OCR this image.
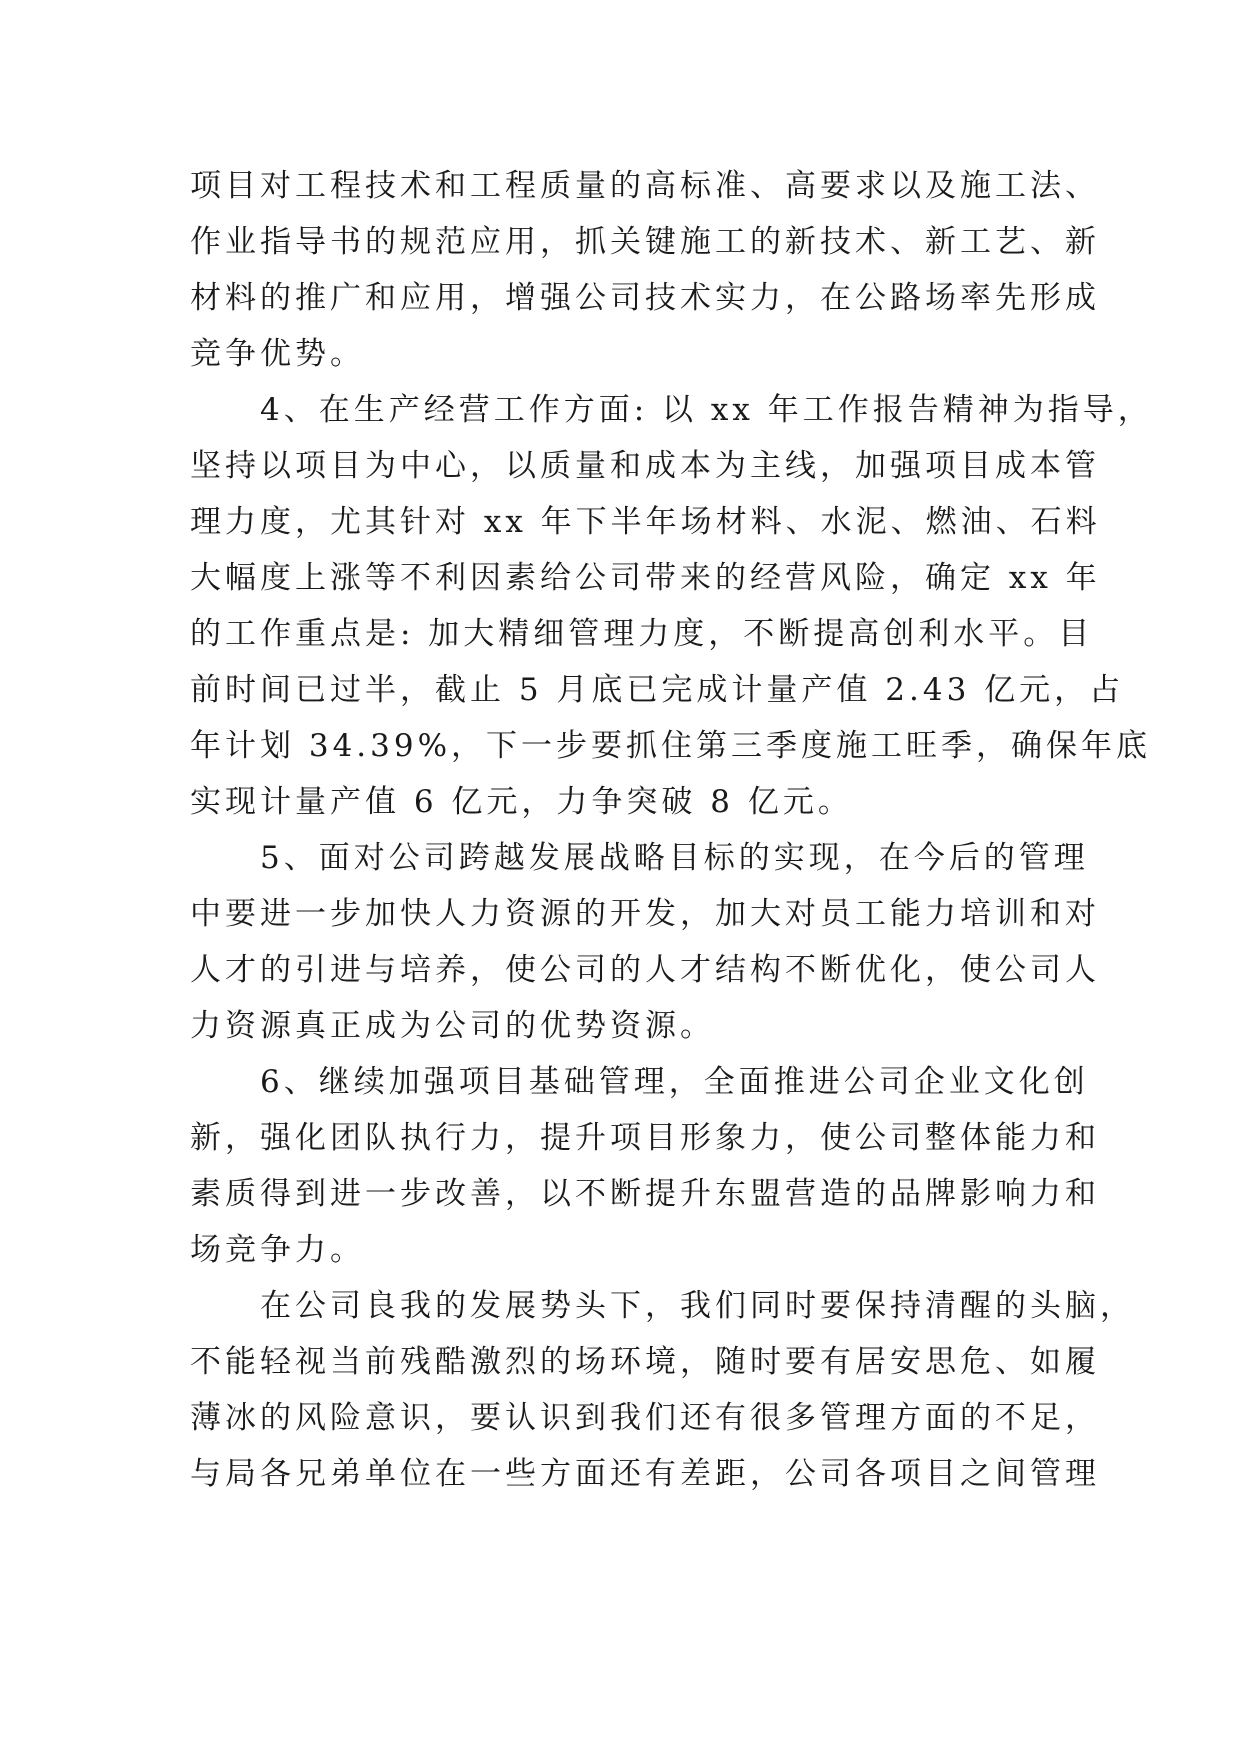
项目对工程技术和工程质量的高标准、高要求以及施工法、

作业指导书的规范应用，抓关键施工的新技术、新工艺、新

材料的推广和应用，增强公司技术实力，在公路场率先形成

竞争优势。

4、在生产经营工作方面: 以 xx 年工作报告精神为指导，

坚持以项目为中心，以质量和成本为主线，加强项目成本管

理力度，尤其针对 xx 年下半年场材料、水泥、燃油、石料

大幅度上涨等不利因素给公司带来的经营风险，确定 xx 年

的工作重点是: 加大精细管理力度，不断提高创利水平。目

前时间已过半，截止 5 月底已完成计量产值 2.43 亿元，占

年计划 34.39%，下一步要抓住第三季度施工旺季，确保年底

实现计量产值 6 亿元，力争突破 8 亿元。

5、面对公司跨越发展战略目标的实现，在今后的管理

中要进一步加快人力资源的开发，加大对员工能力培训和对

人才的引进与培养，使公司的人才结构不断优化，使公司人

力资源真正成为公司的优势资源。

6、继续加强项目基础管理，全面推进公司企业文化创

新，强化团队执行力，提升项目形象力，使公司整体能力和

素质得到进一步改善，以不断提升东盟营造的品牌影响力和

场竞争力。

在公司良我的发展势头下，我们同时要保持清醒的头脑，

不能轻视当前残酷激烈的场环境，随时要有居安思危、如履

薄冰的风险意识，要认识到我们还有很多管理方面的不足，

与局各兄弟单位在一些方面还有差距，公司各项目之间管理
